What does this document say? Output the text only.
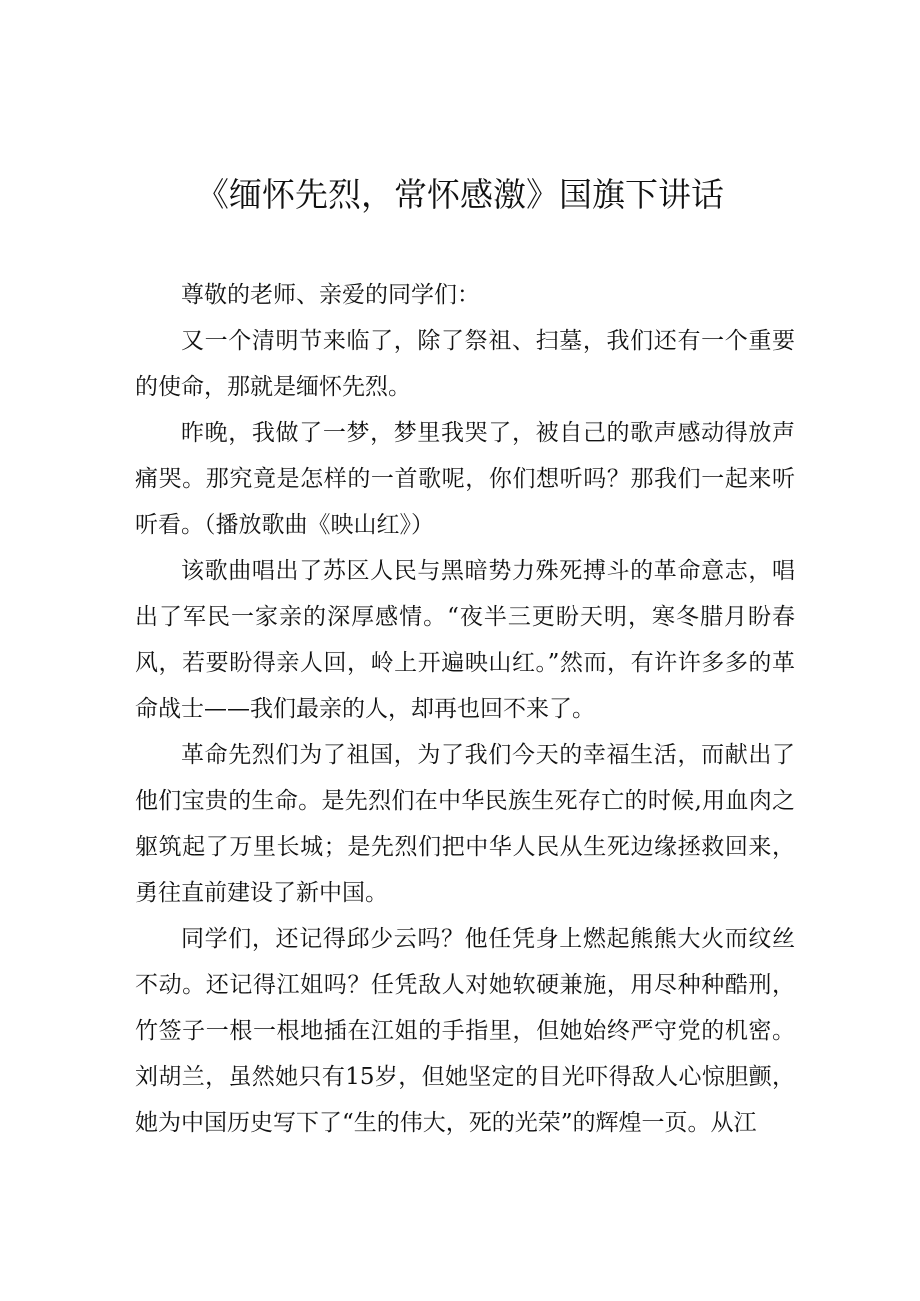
《缅怀先烈，常怀感激》国旗下讲话

尊敬的老师、亲爱的同学们：

又一个清明节来临了，除了祭祖、扫墓，我们还有一个重要的使命，那就是缅怀先烈。

昨晚，我做了一梦，梦里我哭了，被自己的歌声感动得放声痛哭。那究竟是怎样的一首歌呢，你们想听吗？那我们一起来听听看。（播放歌曲《映山红》）

该歌曲唱出了苏区人民与黑暗势力殊死搏斗的革命意志，唱出了军民一家亲的深厚感情。“夜半三更盼天明，寒冬腊月盼春风，若要盼得亲人回，岭上开遍映山红。”然而，有许许多多的革命战士——我们最亲的人，却再也回不来了。

革命先烈们为了祖国，为了我们今天的幸福生活，而献出了他们宝贵的生命。是先烈们在中华民族生死存亡的时候,用血肉之躯筑起了万里长城；是先烈们把中华人民从生死边缘拯救回来，勇往直前建设了新中国。

同学们，还记得邱少云吗？他任凭身上燃起熊熊大火而纹丝不动。还记得江姐吗？任凭敌人对她软硬兼施，用尽种种酷刑，竹签子一根一根地插在江姐的手指里，但她始终严守党的机密。刘胡兰，虽然她只有15岁，但她坚定的目光吓得敌人心惊胆颤，她为中国历史写下了“生的伟大，死的光荣”的辉煌一页。从江
